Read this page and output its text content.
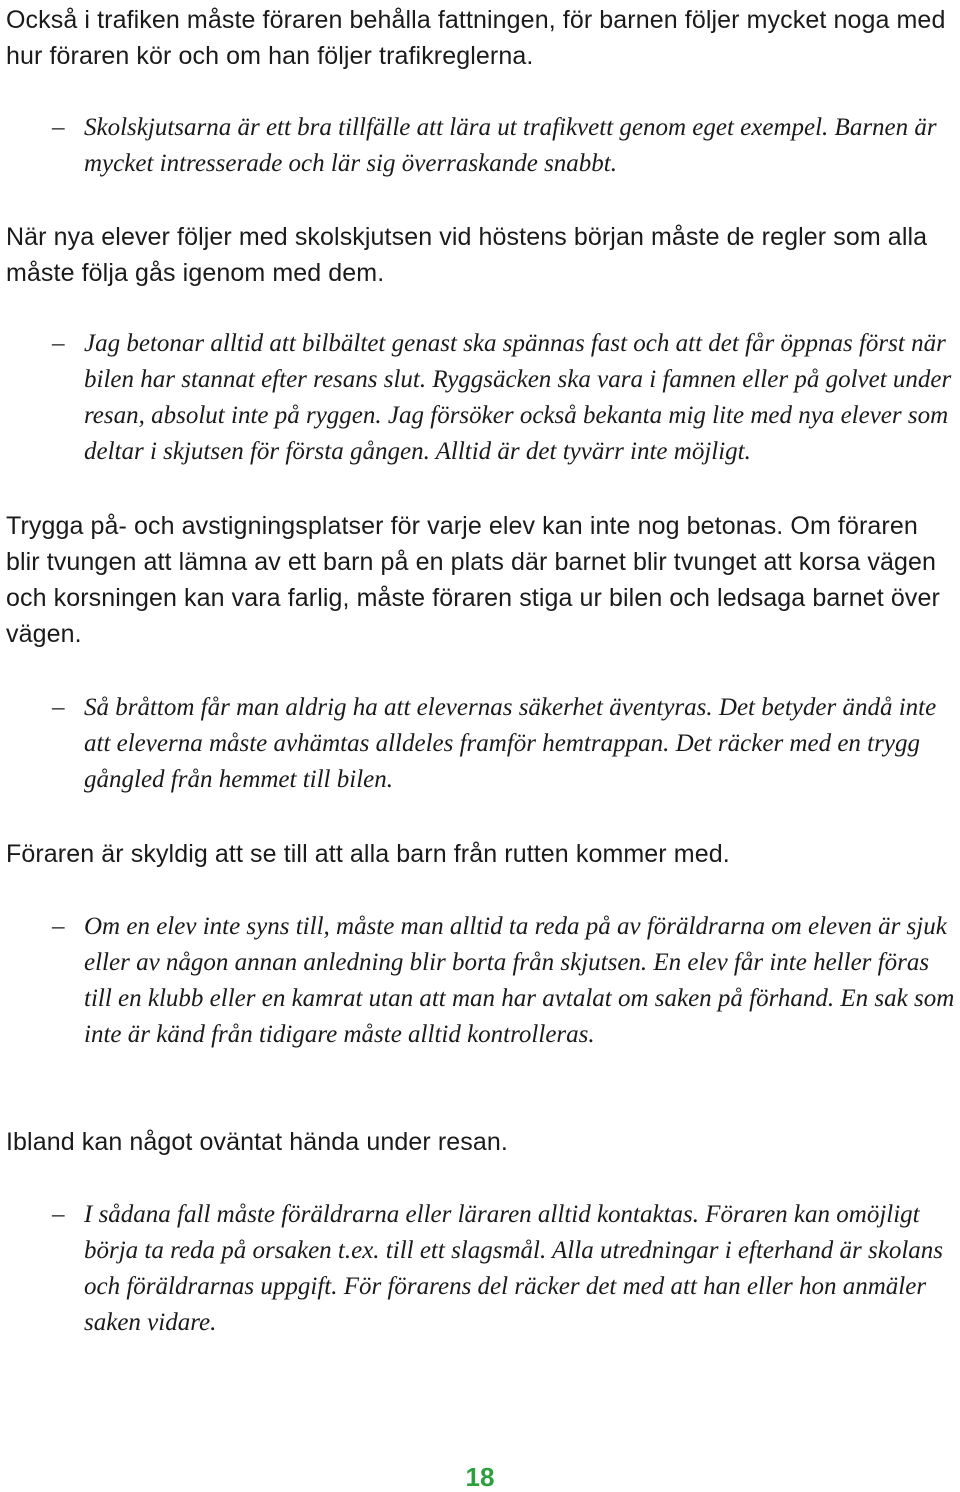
Också i trafiken måste föraren behålla fattningen, för barnen följer mycket noga med hur föraren kör och om han följer trafikreglerna.

– Skolskjutsarna är ett bra tillfälle att lära ut trafikvett genom eget exempel. Barnen är mycket intresserade och lär sig överraskande snabbt.

När nya elever följer med skolskjutsen vid höstens början måste de regler som alla måste följa gås igenom med dem.

– Jag betonar alltid att bilbältet genast ska spännas fast och att det får öppnas först när bilen har stannat efter resans slut. Ryggsäcken ska vara i famnen eller på golvet under resan, absolut inte på ryggen. Jag försöker också bekanta mig lite med nya elever som deltar i skjutsen för första gången. Alltid är det tyvärr inte möjligt.

Trygga på- och avstigningsplatser för varje elev kan inte nog betonas. Om föraren blir tvungen att lämna av ett barn på en plats där barnet blir tvunget att korsa vägen och korsningen kan vara farlig, måste föraren stiga ur bilen och ledsaga barnet över vägen.

– Så bråttom får man aldrig ha att elevernas säkerhet äventyras. Det betyder ändå inte att eleverna måste avhämtas alldeles framför hemtrappan. Det räcker med en trygg gångled från hemmet till bilen.

Föraren är skyldig att se till att alla barn från rutten kommer med.

– Om en elev inte syns till, måste man alltid ta reda på av föräldrarna om eleven är sjuk eller av någon annan anledning blir borta från skjutsen. En elev får inte heller föras till en klubb eller en kamrat utan att man har avtalat om saken på förhand. En sak som inte är känd från tidigare måste alltid kontrolleras.

Ibland kan något oväntat hända under resan.

– I sådana fall måste föräldrarna eller läraren alltid kontaktas. Föraren kan omöjligt börja ta reda på orsaken t.ex. till ett slagsmål. Alla utredningar i efterhand är skolans och föräldrarnas uppgift. För förarens del räcker det med att han eller hon anmäler saken vidare.

18
